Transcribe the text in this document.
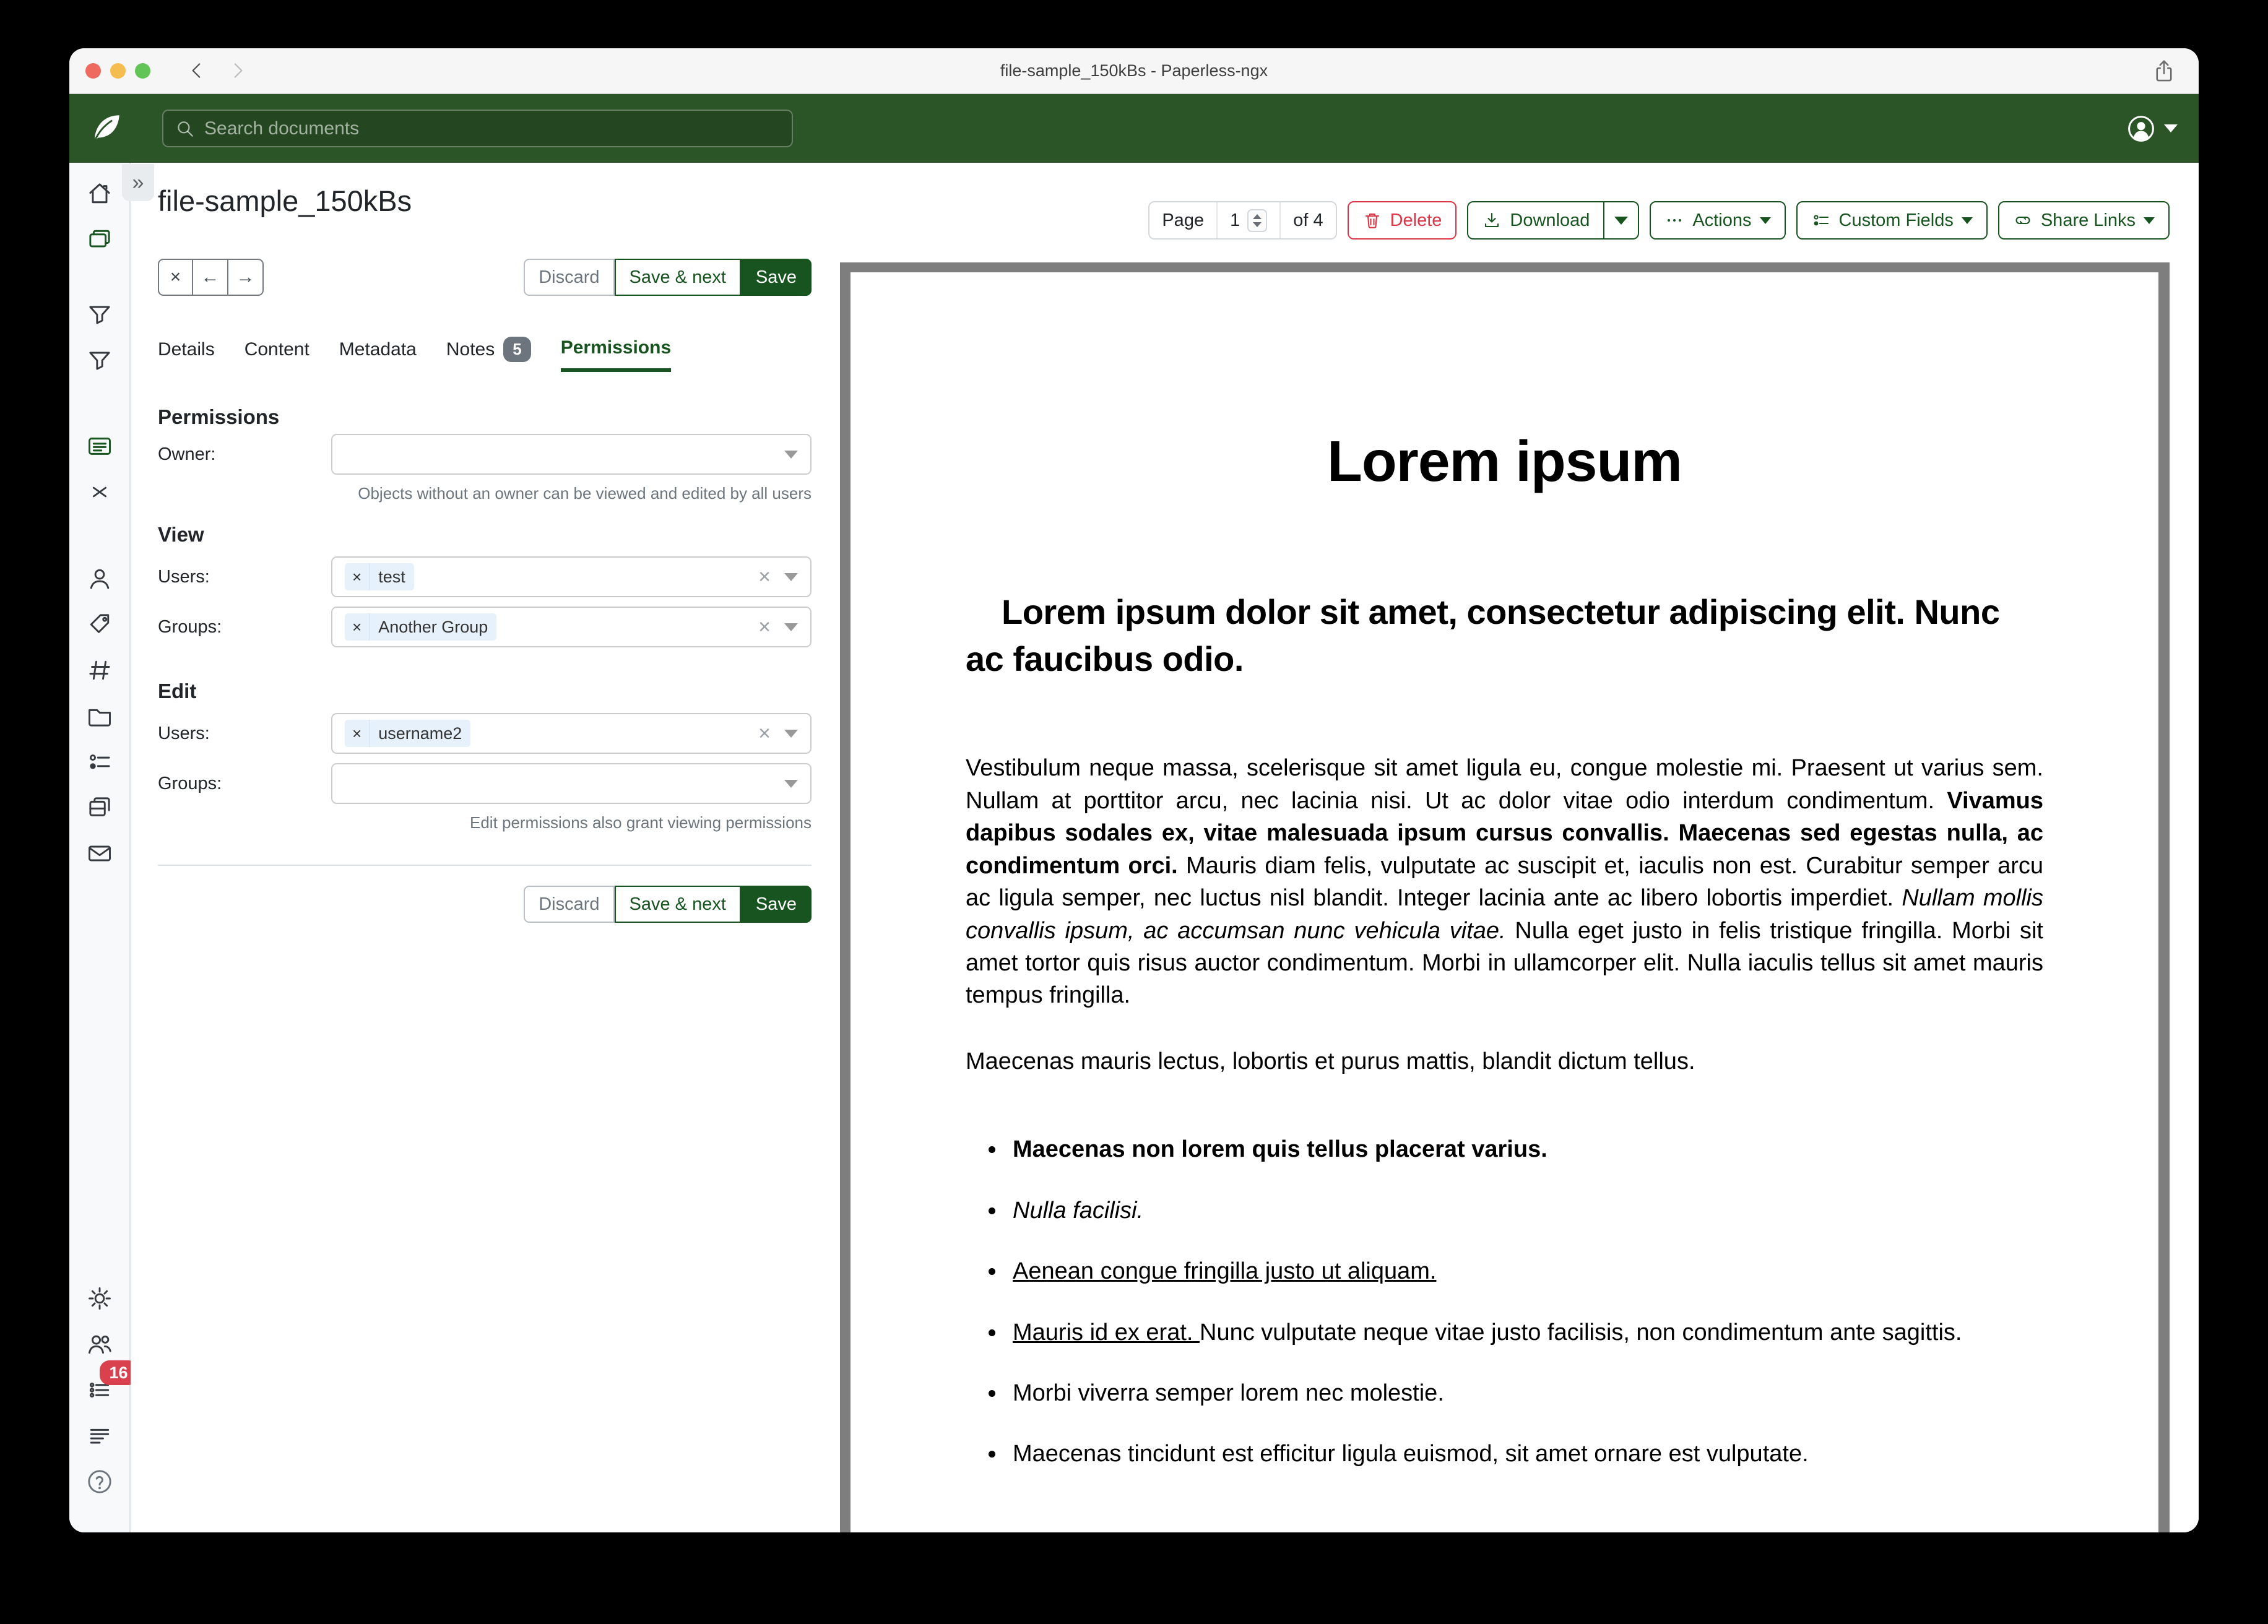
file-sample_150kBs - Paperless-ngx
Search documents
16
»
file-sample_150kBs
Page	1	of 4	Delete	Download	Actions	Custom Fields	Share Links
×	← →	Discard	Save & next	Save
Details Content Metadata Notes	5	Permissions
Permissions
Owner:
Objects without an owner can be viewed and edited by all users
View
Users:	×	test	×
Groups:	×	Another Group	×
Edit
Users:	×	username2	×
Groups:
Edit permissions also grant viewing permissions
Discard	Save & next	Save
Lorem ipsum
Lorem ipsum dolor sit amet, consectetur adipiscing elit. Nunc ac faucibus odio.

Vestibulum neque massa, scelerisque sit amet ligula eu, congue molestie mi. Praesent ut varius sem. Nullam at porttitor arcu, nec lacinia nisi. Ut ac dolor vitae odio interdum condimentum. Vivamus dapibus sodales ex, vitae malesuada ipsum cursus convallis. Maecenas sed egestas nulla, ac condimentum orci. Mauris diam felis, vulputate ac suscipit et, iaculis non est. Curabitur semper arcu ac ligula semper, nec luctus nisl blandit. Integer lacinia ante ac libero lobortis imperdiet. Nullam mollis convallis ipsum, ac accumsan nunc vehicula vitae. Nulla eget justo in felis tristique fringilla. Morbi sit amet tortor quis risus auctor condimentum. Morbi in ullamcorper elit. Nulla iaculis tellus sit amet mauris tempus fringilla.

Maecenas mauris lectus, lobortis et purus mattis, blandit dictum tellus.

• Maecenas non lorem quis tellus placerat varius.
• Nulla facilisi.
• Aenean congue fringilla justo ut aliquam.
• Mauris id ex erat. Nunc vulputate neque vitae justo facilisis, non condimentum ante sagittis.
• Morbi viverra semper lorem nec molestie.
• Maecenas tincidunt est efficitur ligula euismod, sit amet ornare est vulputate.
